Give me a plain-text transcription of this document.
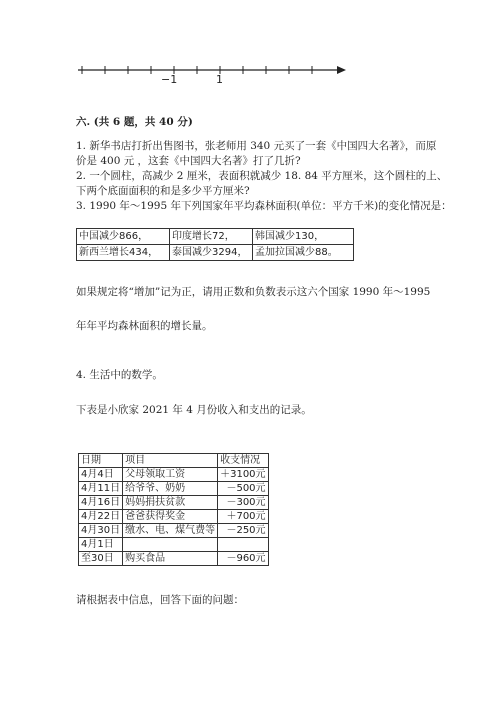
−1	1
六. (共 6 题，共 40 分)
1. 新华书店打折出售图书，张老师用 340 元买了一套《中国四大名著》，而原
价是 400 元 ，这套《中国四大名著》打了几折?
2. 一个圆柱，高减少 2 厘米，表面积就减少 18. 84 平方厘米，这个圆柱的上、
下两个底面面积的和是多少平方厘米?
3. 1990 年～1995 年下列国家年平均森林面积(单位：平方千米)的变化情况是：
中国减少866，	印度增长72，	韩国减少130，
新西兰增长434，	泰国减少3294，	孟加拉国减少88。
如果规定将“增加”记为正，请用正数和负数表示这六个国家 1990 年～1995
年年平均森林面积的增长量。
4. 生活中的数学。
下表是小欣家 2021 年 4 月份收入和支出的记录。
日期	项目	收支情况
4月4日	父母领取工资	＋3100元
4月11日	给爷爷、奶奶	－500元
4月16日	妈妈捐扶贫款	－300元
4月22日	爸爸获得奖金	＋700元
4月30日	缴水、电、煤气费等	－250元
4月1日		
至30日	购买食品	－960元
请根据表中信息，回答下面的问题：
